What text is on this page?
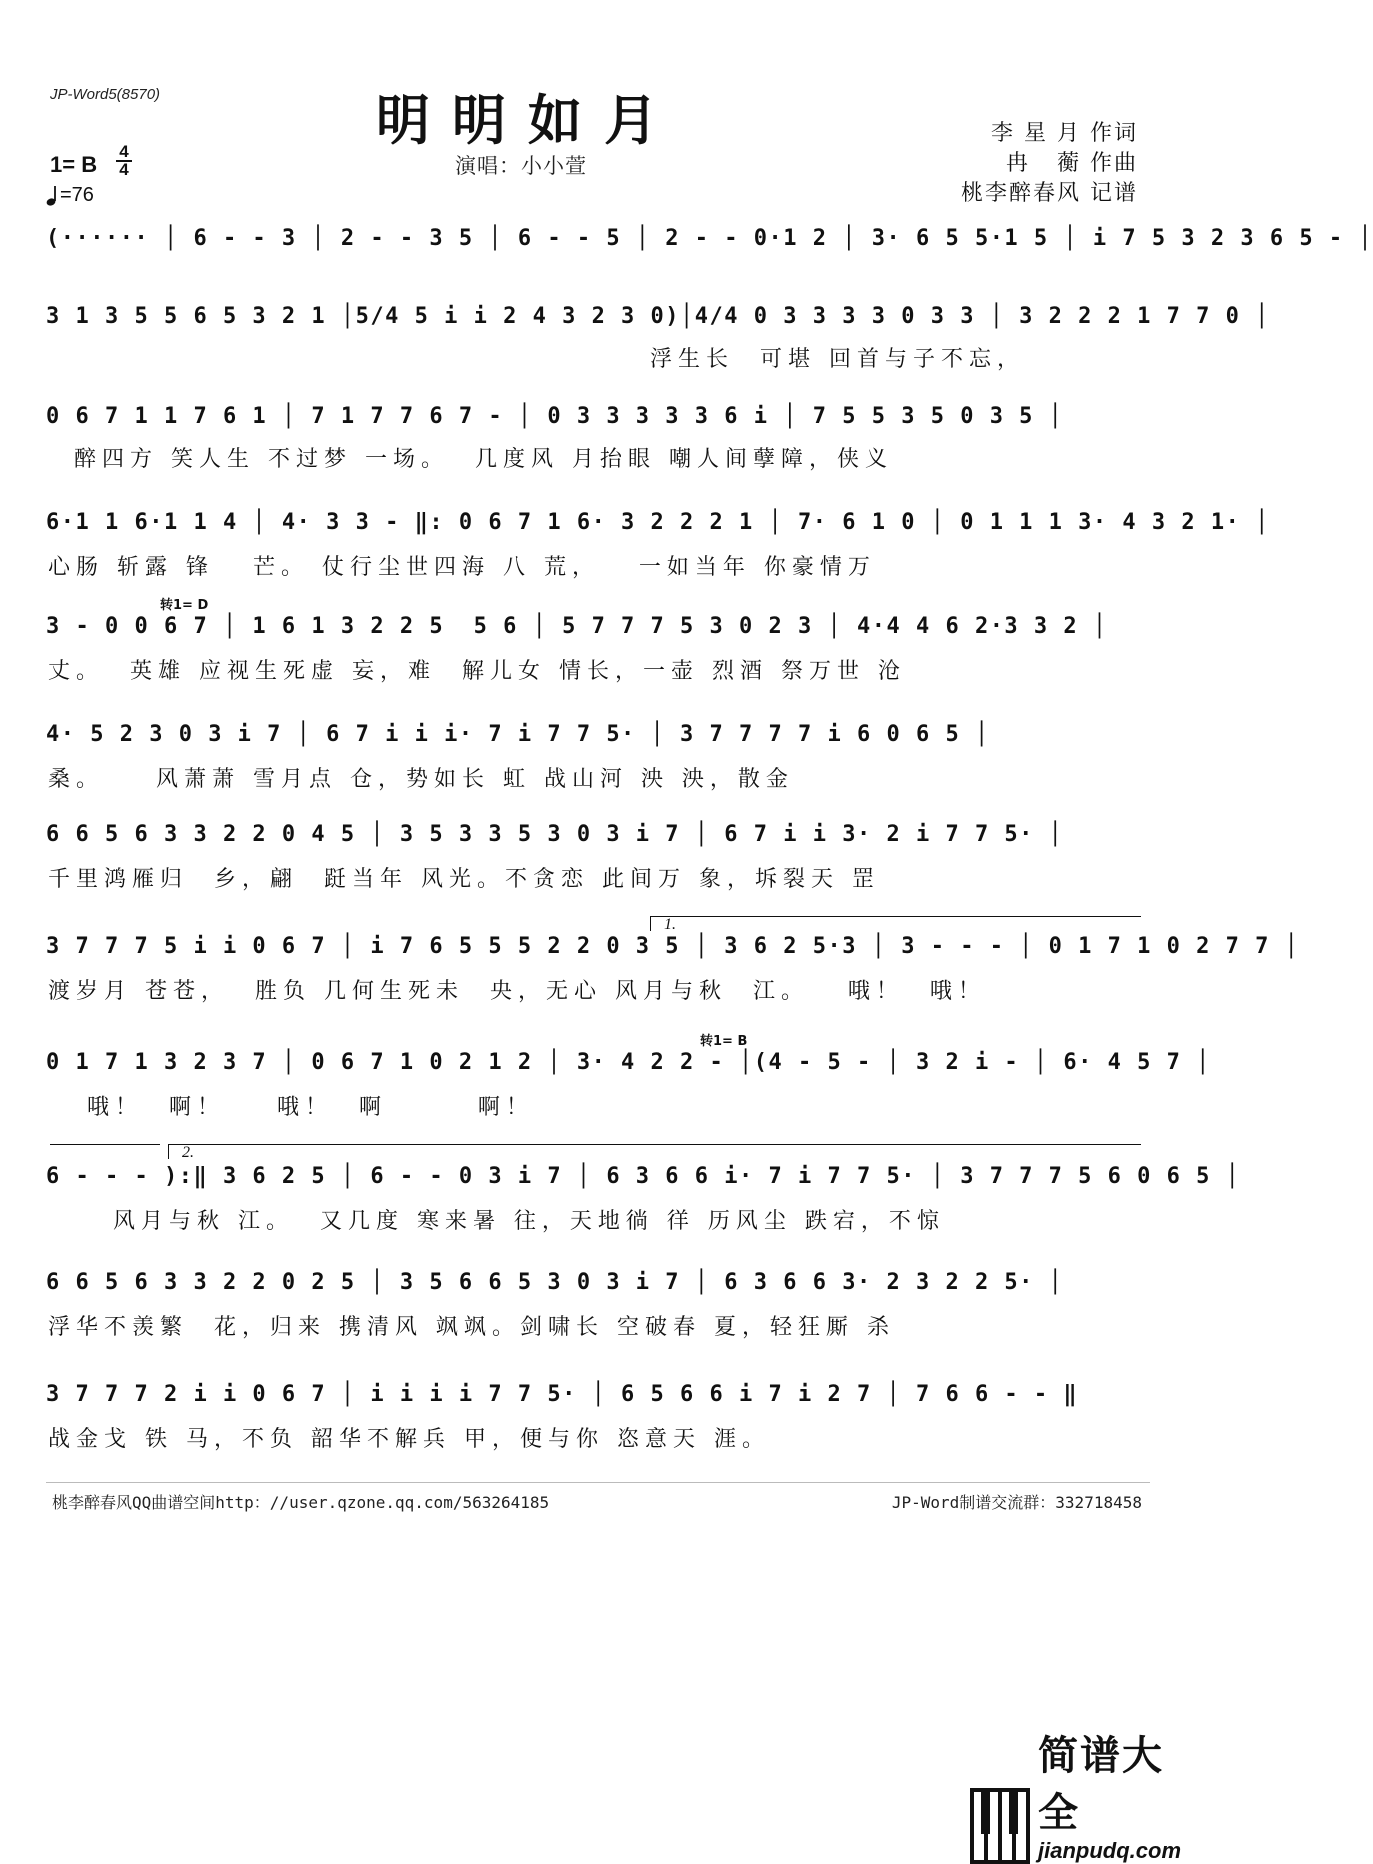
JP-Word5(8570)	明明如月
演唱：小小萱
李 星 月 作词
冉   蘅 作曲
桃李醉春风 记谱
1= B
4
4
=76
(······ │ 6 - - 3 │ 2 - - 3 5 │ 6 - - 5 │ 2 - - 0·1 2 │ 3· 6 5 5·1 5 │ i 7 5 3 2 3 6 5 - │
3 1 3 5 5 6 5 3 2 1 │5/4 5 i i 2 4 3 2 3 0)│4/4 0 3 3 3 3 0 3 3 │ 3 2 2 2 1 7 7 0 │
浮生长  可堪 回首与子不忘，
0 6 7 1 1 7 6 1 │ 7 1 7 7 6 7 - │ 0 3 3 3 3 3 6 i │ 7 5 5 3 5 0 3 5 │
醉四方 笑人生 不过梦 一场。  几度风 月抬眼 嘲人间孽障，侠义
6·1 1 6·1 1 4 │ 4· 3 3 - ‖: 0 6 7 1 6· 3 2 2 2 1 │ 7· 6 1 0 │ 0 1 1 1 3· 4 3 2 1· │
心肠 斩露 锋   芒。 仗行尘世四海 八 荒，   一如当年 你豪情万
转1= D
3 - 0 0 6 7 │ 1 6 1 3 2 2 5  5 6 │ 5 7 7 7 5 3 0 2 3 │ 4·4 4 6 2·3 3 2 │
丈。  英雄 应视生死虚 妄，难  解儿女 情长，一壶 烈酒 祭万世 沧
4· 5 2 3 0 3 i 7 │ 6 7 i i i· 7 i 7 7 5· │ 3 7 7 7 7 i 6 0 6 5 │
桑。    风萧萧 雪月点 仓，势如长 虹 战山河 泱 泱，散金
6 6 5 6 3 3 2 2 0 4 5 │ 3 5 3 3 5 3 0 3 i 7 │ 6 7 i i 3· 2 i 7 7 5· │
千里鸿雁归  乡，翩  跹当年 风光。不贪恋 此间万 象，坼裂天 罡
1.
3 7 7 7 5 i i 0 6 7 │ i 7 6 5 5 5 2 2 0 3 5 │ 3 6 2 5·3 │ 3 - - - │ 0 1 7 1 0 2 7 7 │
渡岁月 苍苍，  胜负 几何生死未  央，无心 风月与秋  江。   哦！  哦！
转1= B
0 1 7 1 3 2 3 7 │ 0 6 7 1 0 2 1 2 │ 3· 4 2 2 - │(4 - 5 - │ 3 2 i - │ 6· 4 5 7 │
哦！  啊！    哦！  啊       啊！
2.
6 - - - ):‖ 3 6 2 5 │ 6 - - 0 3 i 7 │ 6 3 6 6 i· 7 i 7 7 5· │ 3 7 7 7 5 6 0 6 5 │
风月与秋 江。  又几度 寒来暑 往，天地徜 徉 历风尘 跌宕，不惊
6 6 5 6 3 3 2 2 0 2 5 │ 3 5 6 6 5 3 0 3 i 7 │ 6 3 6 6 3· 2 3 2 2 5· │
浮华不羡繁  花，归来 携清风 飒飒。剑啸长 空破春 夏，轻狂厮 杀
3 7 7 7 2 i i 0 6 7 │ i i i i 7 7 5· │ 6 5 6 6 i 7 i 2 7 │ 7 6 6 - - ‖
战金戈 铁 马，不负 韶华不解兵 甲，便与你 恣意天 涯。
桃李醉春风QQ曲谱空间http：//user.qzone.qq.com/563264185	JP-Word制谱交流群：332718458
简谱大全
jianpudq.com
